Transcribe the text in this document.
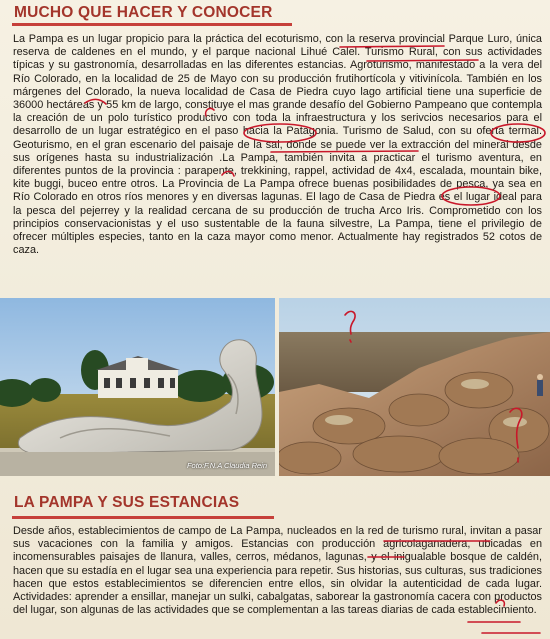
MUCHO QUE HACER Y CONOCER

La Pampa es un lugar propicio para la práctica del ecoturismo, con la reserva provincial Parque Luro, única reserva de caldenes en el mundo, y el parque nacional Lihué Calel. Turismo Rural, con sus actividades típicas y su gastronomía, desarrolladas en las diferentes estancias. Agroturismo, manifestado a la vera del Río Colorado, en la localidad de 25 de Mayo con su producción frutihortícola y vitivinícola. También en los márgenes del Colorado, la nueva localidad de Casa de Piedra cuyo lago artificial tiene una superficie de 36000 hectáreas y 55 km de largo, constituye el mas grande desafío del Gobierno Pampeano que contempla la creación de un polo turístico productivo con toda la infraestructura y los serivcios necesarios para el desarrollo de un lugar estratégico en el paso hacia la Patagonia. Turismo de Salud, con su oferta termal. Geoturismo, en el gran escenario del paisaje de la sal, donde se puede ver la extracción del mineral desde sus orígenes hasta su industrialización .La Pampa, también invita a practicar el turismo aventura, en diferentes puntos de la provincia : parapente, trekkining, rappel, actividad de 4x4, escalada, mountain bike, kite buggi, buceo entre otros. La Provincia de La Pampa ofrece buenas posibilidades de pesca, ya sea en Río Colorado en otros ríos menores y en diversas lagunas. El lago de Casa de Piedra es el lugar ideal para la pesca del pejerrey y la realidad cercana de su producción de trucha Arco Iris. Comprometido con los principios conservacionistas y el uso sustentable de la fauna silvestre, La Pampa, tiene el privilegio de ofrecer múltiples especies, tanto en la caza mayor como menor. Actualmente hay registrados 52 cotos de caza.

Foto:F.N.A Claudia Rein
LA PAMPA Y SUS ESTANCIAS

Desde años, establecimientos de campo de La Pampa, nucleados en la red de turismo rural, invitan a pasar sus vacaciones con la familia y amigos. Estancias con producción agricolaganadera, ubicadas en incomensurables paisajes de llanura, valles, cerros, médanos, lagunas, y el inigualable bosque de caldén, hacen que su estadía en el lugar sea una experiencia para repetir. Sus historias, sus culturas, sus tradiciones hacen que estos establecimientos se diferencien entre ellos, sin olvidar la autenticidad de cada lugar. Actividades: aprender a ensillar, manejar un sulki, cabalgatas, saborear la gastronomía cacera con productos del lugar, son algunas de las actividades que se complementan a las tareas diarias de cada establecimiento.
